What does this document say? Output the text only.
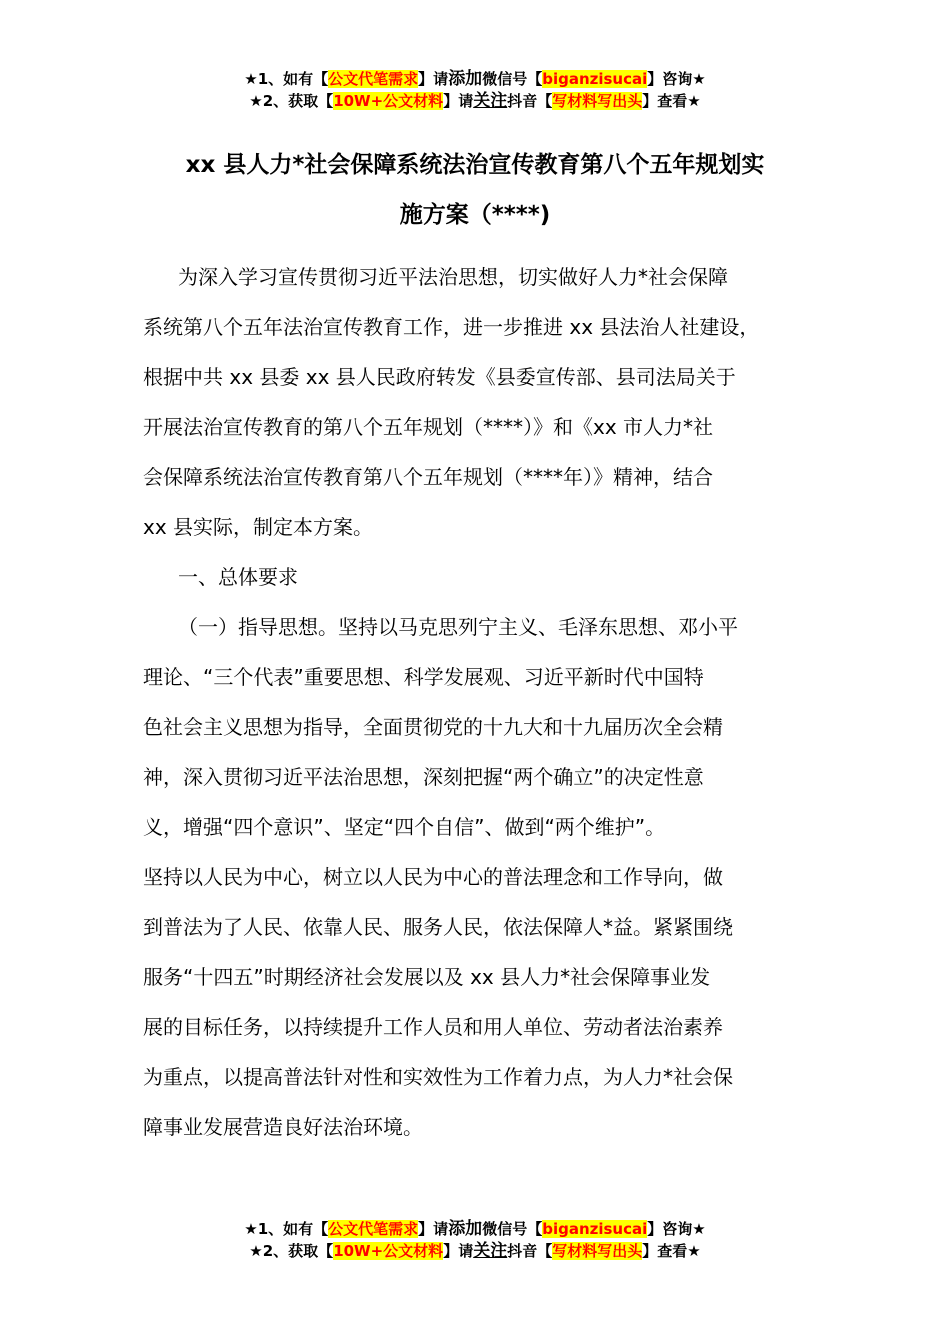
★1、如有【公文代笔需求】请添加微信号【biganzisucai】咨询★
★2、获取【10W+公文材料】请关注抖音【写材料写出头】查看★
xx 县人力*社会保障系统法治宣传教育第八个五年规划实
施方案（****)
为深入学习宣传贯彻习近平法治思想，切实做好人力*社会保障
系统第八个五年法治宣传教育工作，进一步推进 xx 县法治人社建设，
根据中共 xx 县委 xx 县人民政府转发《县委宣传部、县司法局关于
开展法治宣传教育的第八个五年规划（****）》和《xx 市人力*社
会保障系统法治宣传教育第八个五年规划（****年）》精神，结合
xx 县实际，制定本方案。
一、总体要求
（一）指导思想。坚持以马克思列宁主义、毛泽东思想、邓小平
理论、“三个代表”重要思想、科学发展观、习近平新时代中国特
色社会主义思想为指导，全面贯彻党的十九大和十九届历次全会精
神，深入贯彻习近平法治思想，深刻把握“两个确立”的决定性意
义，增强“四个意识”、坚定“四个自信”、做到“两个维护”。
坚持以人民为中心，树立以人民为中心的普法理念和工作导向，做
到普法为了人民、依靠人民、服务人民，依法保障人*益。紧紧围绕
服务“十四五”时期经济社会发展以及 xx 县人力*社会保障事业发
展的目标任务，以持续提升工作人员和用人单位、劳动者法治素养
为重点，以提高普法针对性和实效性为工作着力点，为人力*社会保
障事业发展营造良好法治环境。
★1、如有【公文代笔需求】请添加微信号【biganzisucai】咨询★
★2、获取【10W+公文材料】请关注抖音【写材料写出头】查看★
